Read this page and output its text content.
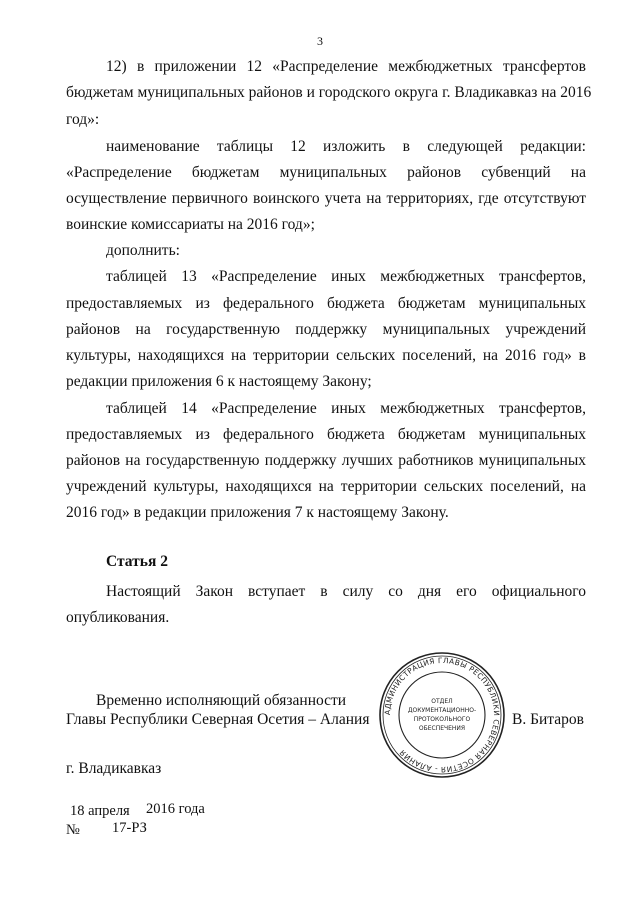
3
12) в приложении 12 «Распределение межбюджетных трансфертов
бюджетам муниципальных районов и городского округа г. Владикавказ на 2016
год»:
наименование таблицы 12 изложить в следующей редакции:
«Распределение бюджетам муниципальных районов субвенций на
осуществление первичного воинского учета на территориях, где отсутствуют
воинские комиссариаты на 2016 год»;
дополнить:
таблицей 13 «Распределение иных межбюджетных трансфертов,
предоставляемых из федерального бюджета бюджетам муниципальных
районов на государственную поддержку муниципальных учреждений
культуры, находящихся на территории сельских поселений, на 2016 год» в
редакции приложения 6 к настоящему Закону;
таблицей 14 «Распределение иных межбюджетных трансфертов,
предоставляемых из федерального бюджета бюджетам муниципальных
районов на государственную поддержку лучших работников муниципальных
учреждений культуры, находящихся на территории сельских поселений, на
2016 год» в редакции приложения 7 к настоящему Закону.
Статья 2
Настоящий Закон вступает в силу со дня его официального
опубликования.
Временно исполняющий обязанности
Главы Республики Северная Осетия – Алания	В. Битаров
АДМИНИСТРАЦИЯ ГЛАВЫ РЕСПУБЛИКИ СЕВЕРНАЯ ОСЕТИЯ - АЛАНИЯ
ОТДЕЛ
ДОКУМЕНТАЦИОННО-
ПРОТОКОЛЬНОГО
ОБЕСПЕЧЕНИЯ
г. Владикавказ
18 апреля 2016 года
№ 17-РЗ
